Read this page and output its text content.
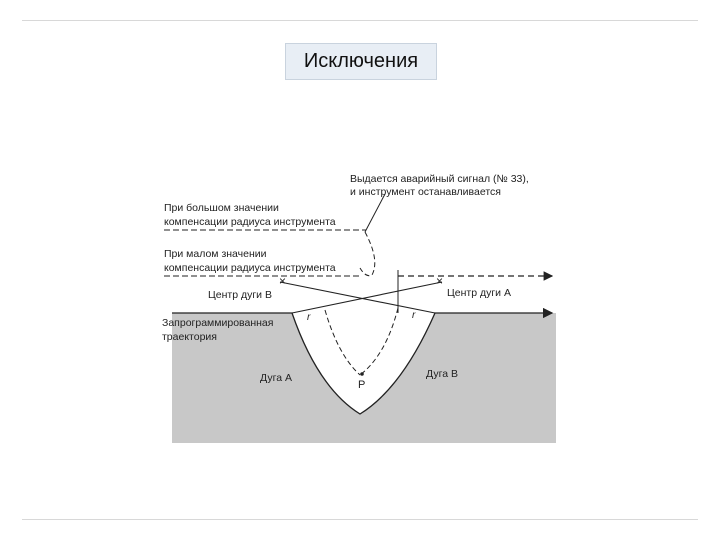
Исключения
×	×
Выдается аварийный сигнал (№ 33),
и инструмент останавливается
При большом значении
компенсации радиуса инструмента
При малом значении
компенсации радиуса инструмента
Центр дуги В	Центр дуги А
Запрограммированная
траектория
r	r
Дуга А	Дуга В
P
